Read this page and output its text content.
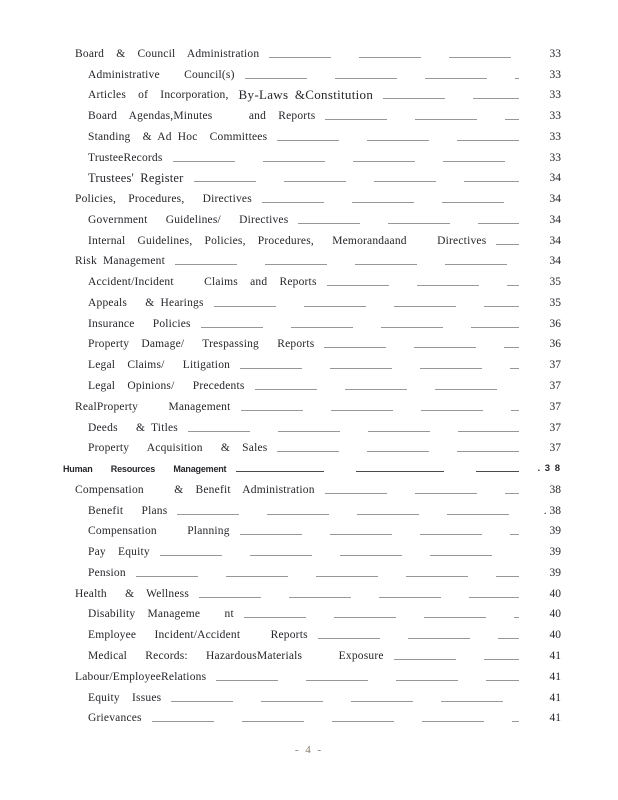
Board  &  Council  Administration	33
Administrative    Council(s)	33
Articles  of  Incorporation, By-Laws &Constitution	33
Board  Agendas,Minutes      and  Reports	33
Standing  & Ad Hoc  Committees	33
TrusteeRecords	33
Trustees' Register	34
Policies,  Procedures,   Directives	34
Government   Guidelines/   Directives	34
Internal  Guidelines,  Policies,  Procedures,   Memorandaand     Directives	34
Risk Management	34
Accident/Incident     Claims  and  Reports	35
Appeals   & Hearings	35
Insurance   Policies	36
Property  Damage/   Trespassing   Reports	36
Legal  Claims/   Litigation	37
Legal  Opinions/   Precedents	37
RealProperty     Management	37
Deeds   & Titles	37
Property   Acquisition   &  Sales	37
Human Resources Management	. 3 8
Compensation     &  Benefit  Administration	38
Benefit   Plans	. 38
Compensation     Planning	39
Pay  Equity	39
Pension	39
Health   &  Wellness	40
Disability  Manageme    nt	40
Employee   Incident/Accident     Reports	40
Medical   Records:   HazardousMaterials      Exposure	41
Labour/EmployeeRelations	41
Equity  Issues	41
Grievances	41
- 4 -
